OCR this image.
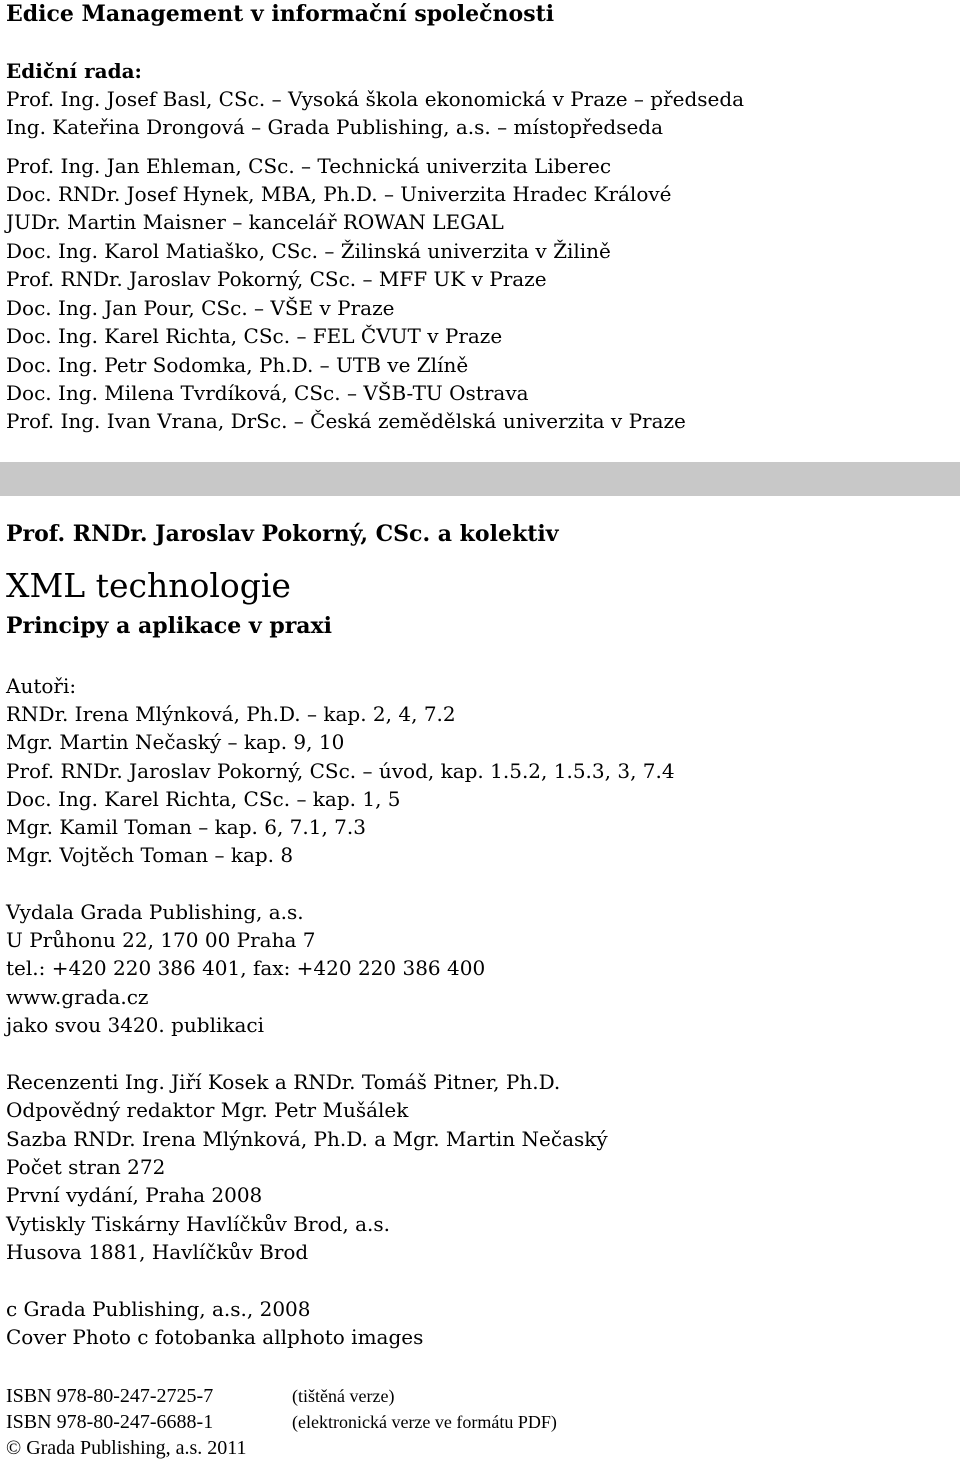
Edice Management v informační společnosti
Ediční rada:
Prof. Ing. Josef Basl, CSc. – Vysoká škola ekonomická v Praze – předseda
Ing. Kateřina Drongová – Grada Publishing, a.s. – místopředseda
Prof. Ing. Jan Ehleman, CSc. – Technická univerzita Liberec
Doc. RNDr. Josef Hynek, MBA, Ph.D. – Univerzita Hradec Králové
JUDr. Martin Maisner – kancelář ROWAN LEGAL
Doc. Ing. Karol Matiaško, CSc. – Žilinská univerzita v Žilině
Prof. RNDr. Jaroslav Pokorný, CSc. – MFF UK v Praze
Doc. Ing. Jan Pour, CSc. – VŠE v Praze
Doc. Ing. Karel Richta, CSc. – FEL ČVUT v Praze
Doc. Ing. Petr Sodomka, Ph.D. – UTB ve Zlíně
Doc. Ing. Milena Tvrdíková, CSc. – VŠB-TU Ostrava
Prof. Ing. Ivan Vrana, DrSc. – Česká zemědělská univerzita v Praze
Prof. RNDr. Jaroslav Pokorný, CSc. a kolektiv
XML technologie
Principy a aplikace v praxi
Autoři:
RNDr. Irena Mlýnková, Ph.D. – kap. 2, 4, 7.2
Mgr. Martin Nečaský – kap. 9, 10
Prof. RNDr. Jaroslav Pokorný, CSc. – úvod, kap. 1.5.2, 1.5.3, 3, 7.4
Doc. Ing. Karel Richta, CSc. – kap. 1, 5
Mgr. Kamil Toman – kap. 6, 7.1, 7.3
Mgr. Vojtěch Toman – kap. 8
Vydala Grada Publishing, a.s.
U Průhonu 22, 170 00 Praha 7
tel.: +420 220 386 401, fax: +420 220 386 400
www.grada.cz
jako svou 3420. publikaci
Recenzenti Ing. Jiří Kosek a RNDr. Tomáš Pitner, Ph.D.
Odpovědný redaktor Mgr. Petr Mušálek
Sazba RNDr. Irena Mlýnková, Ph.D. a Mgr. Martin Nečaský
Počet stran 272
První vydání, Praha 2008
Vytiskly Tiskárny Havlíčkův Brod, a.s.
Husova 1881, Havlíčkův Brod
c Grada Publishing, a.s., 2008
Cover Photo c fotobanka allphoto images
ISBN 978-80-247-2725-7	(tištěná verze)
ISBN 978-80-247-6688-1	(elektronická verze ve formátu PDF)
© Grada Publishing, a.s. 2011
